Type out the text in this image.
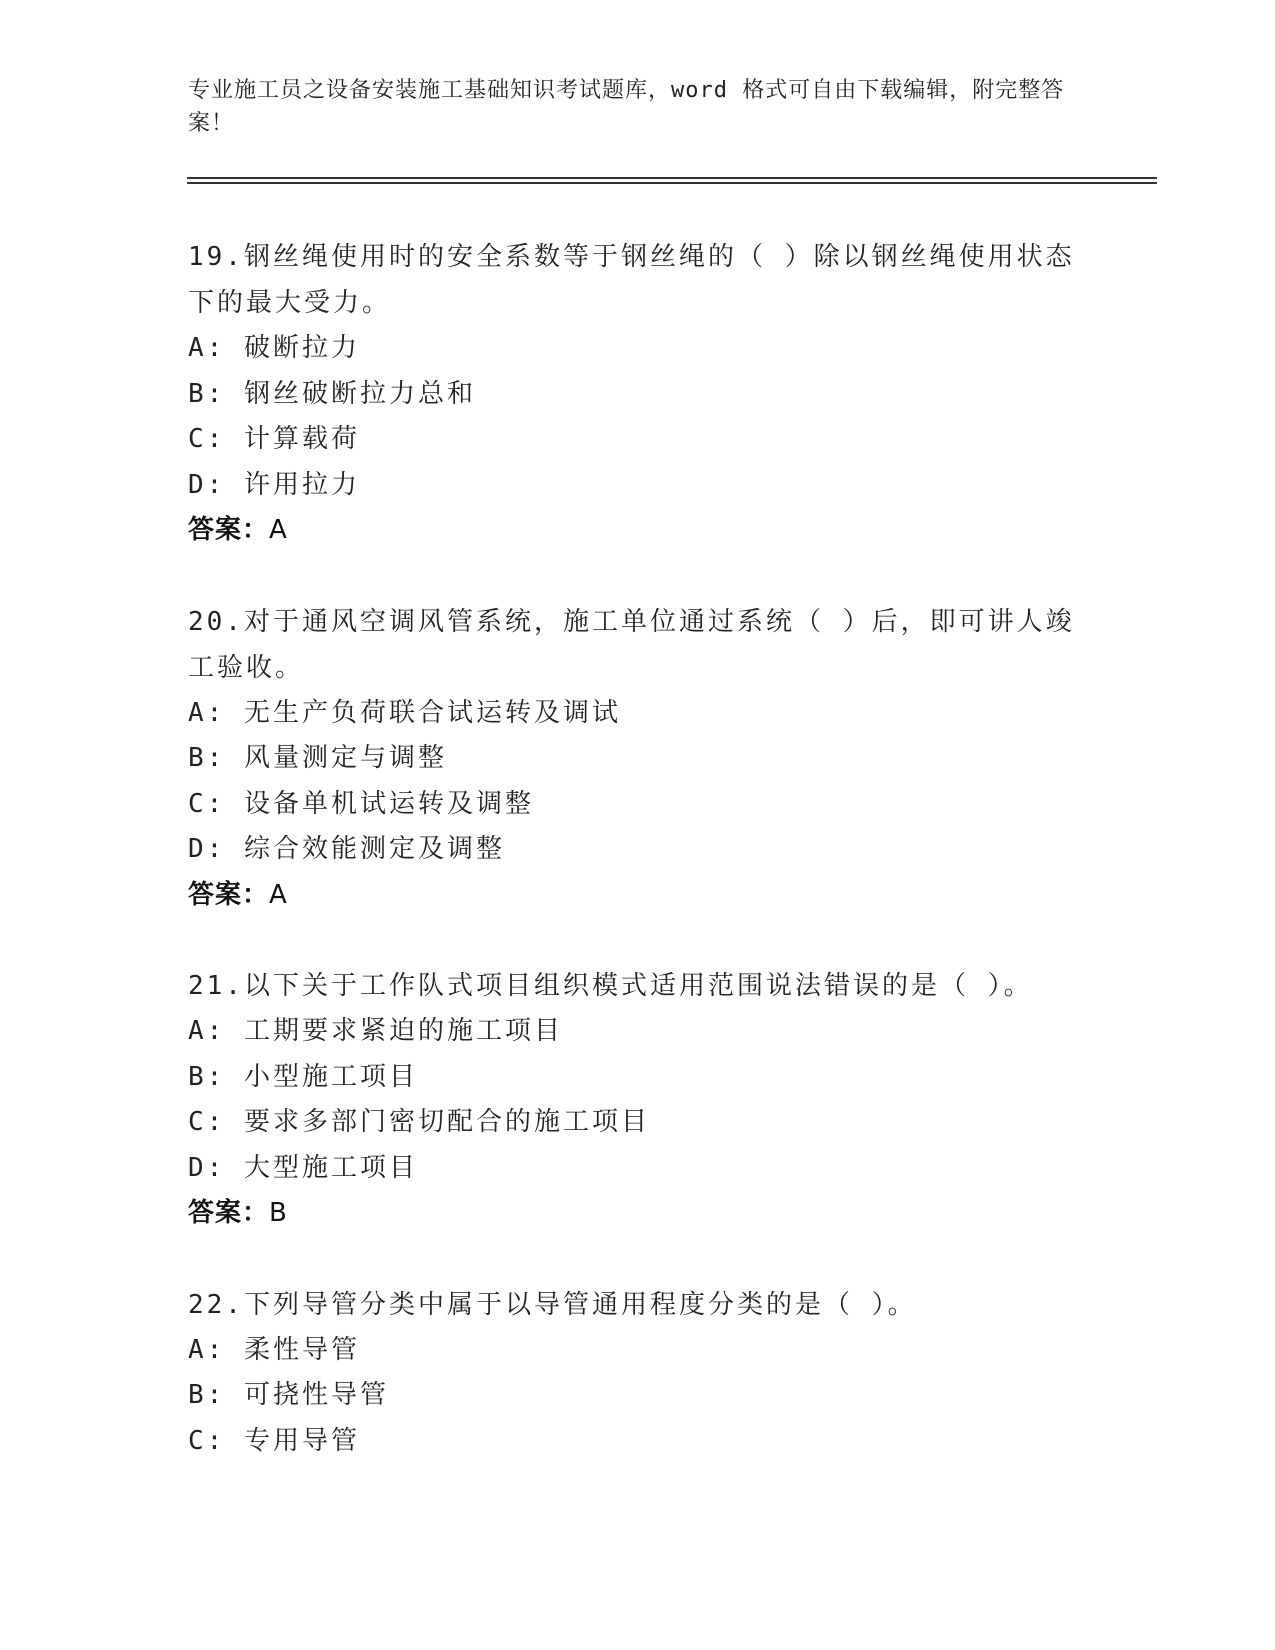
专业施工员之设备安装施工基础知识考试题库，word 格式可自由下载编辑，附完整答案！
19.钢丝绳使用时的安全系数等于钢丝绳的（ ）除以钢丝绳使用状态下的最大受力。
A: 破断拉力
B: 钢丝破断拉力总和
C: 计算载荷
D: 许用拉力
答案：A
20.对于通风空调风管系统，施工单位通过系统（ ）后，即可讲人竣工验收。
A: 无生产负荷联合试运转及调试
B: 风量测定与调整
C: 设备单机试运转及调整
D: 综合效能测定及调整
答案：A
21.以下关于工作队式项目组织模式适用范围说法错误的是（ ）。
A: 工期要求紧迫的施工项目
B: 小型施工项目
C: 要求多部门密切配合的施工项目
D: 大型施工项目
答案：B
22.下列导管分类中属于以导管通用程度分类的是（ ）。
A: 柔性导管
B: 可挠性导管
C: 专用导管
